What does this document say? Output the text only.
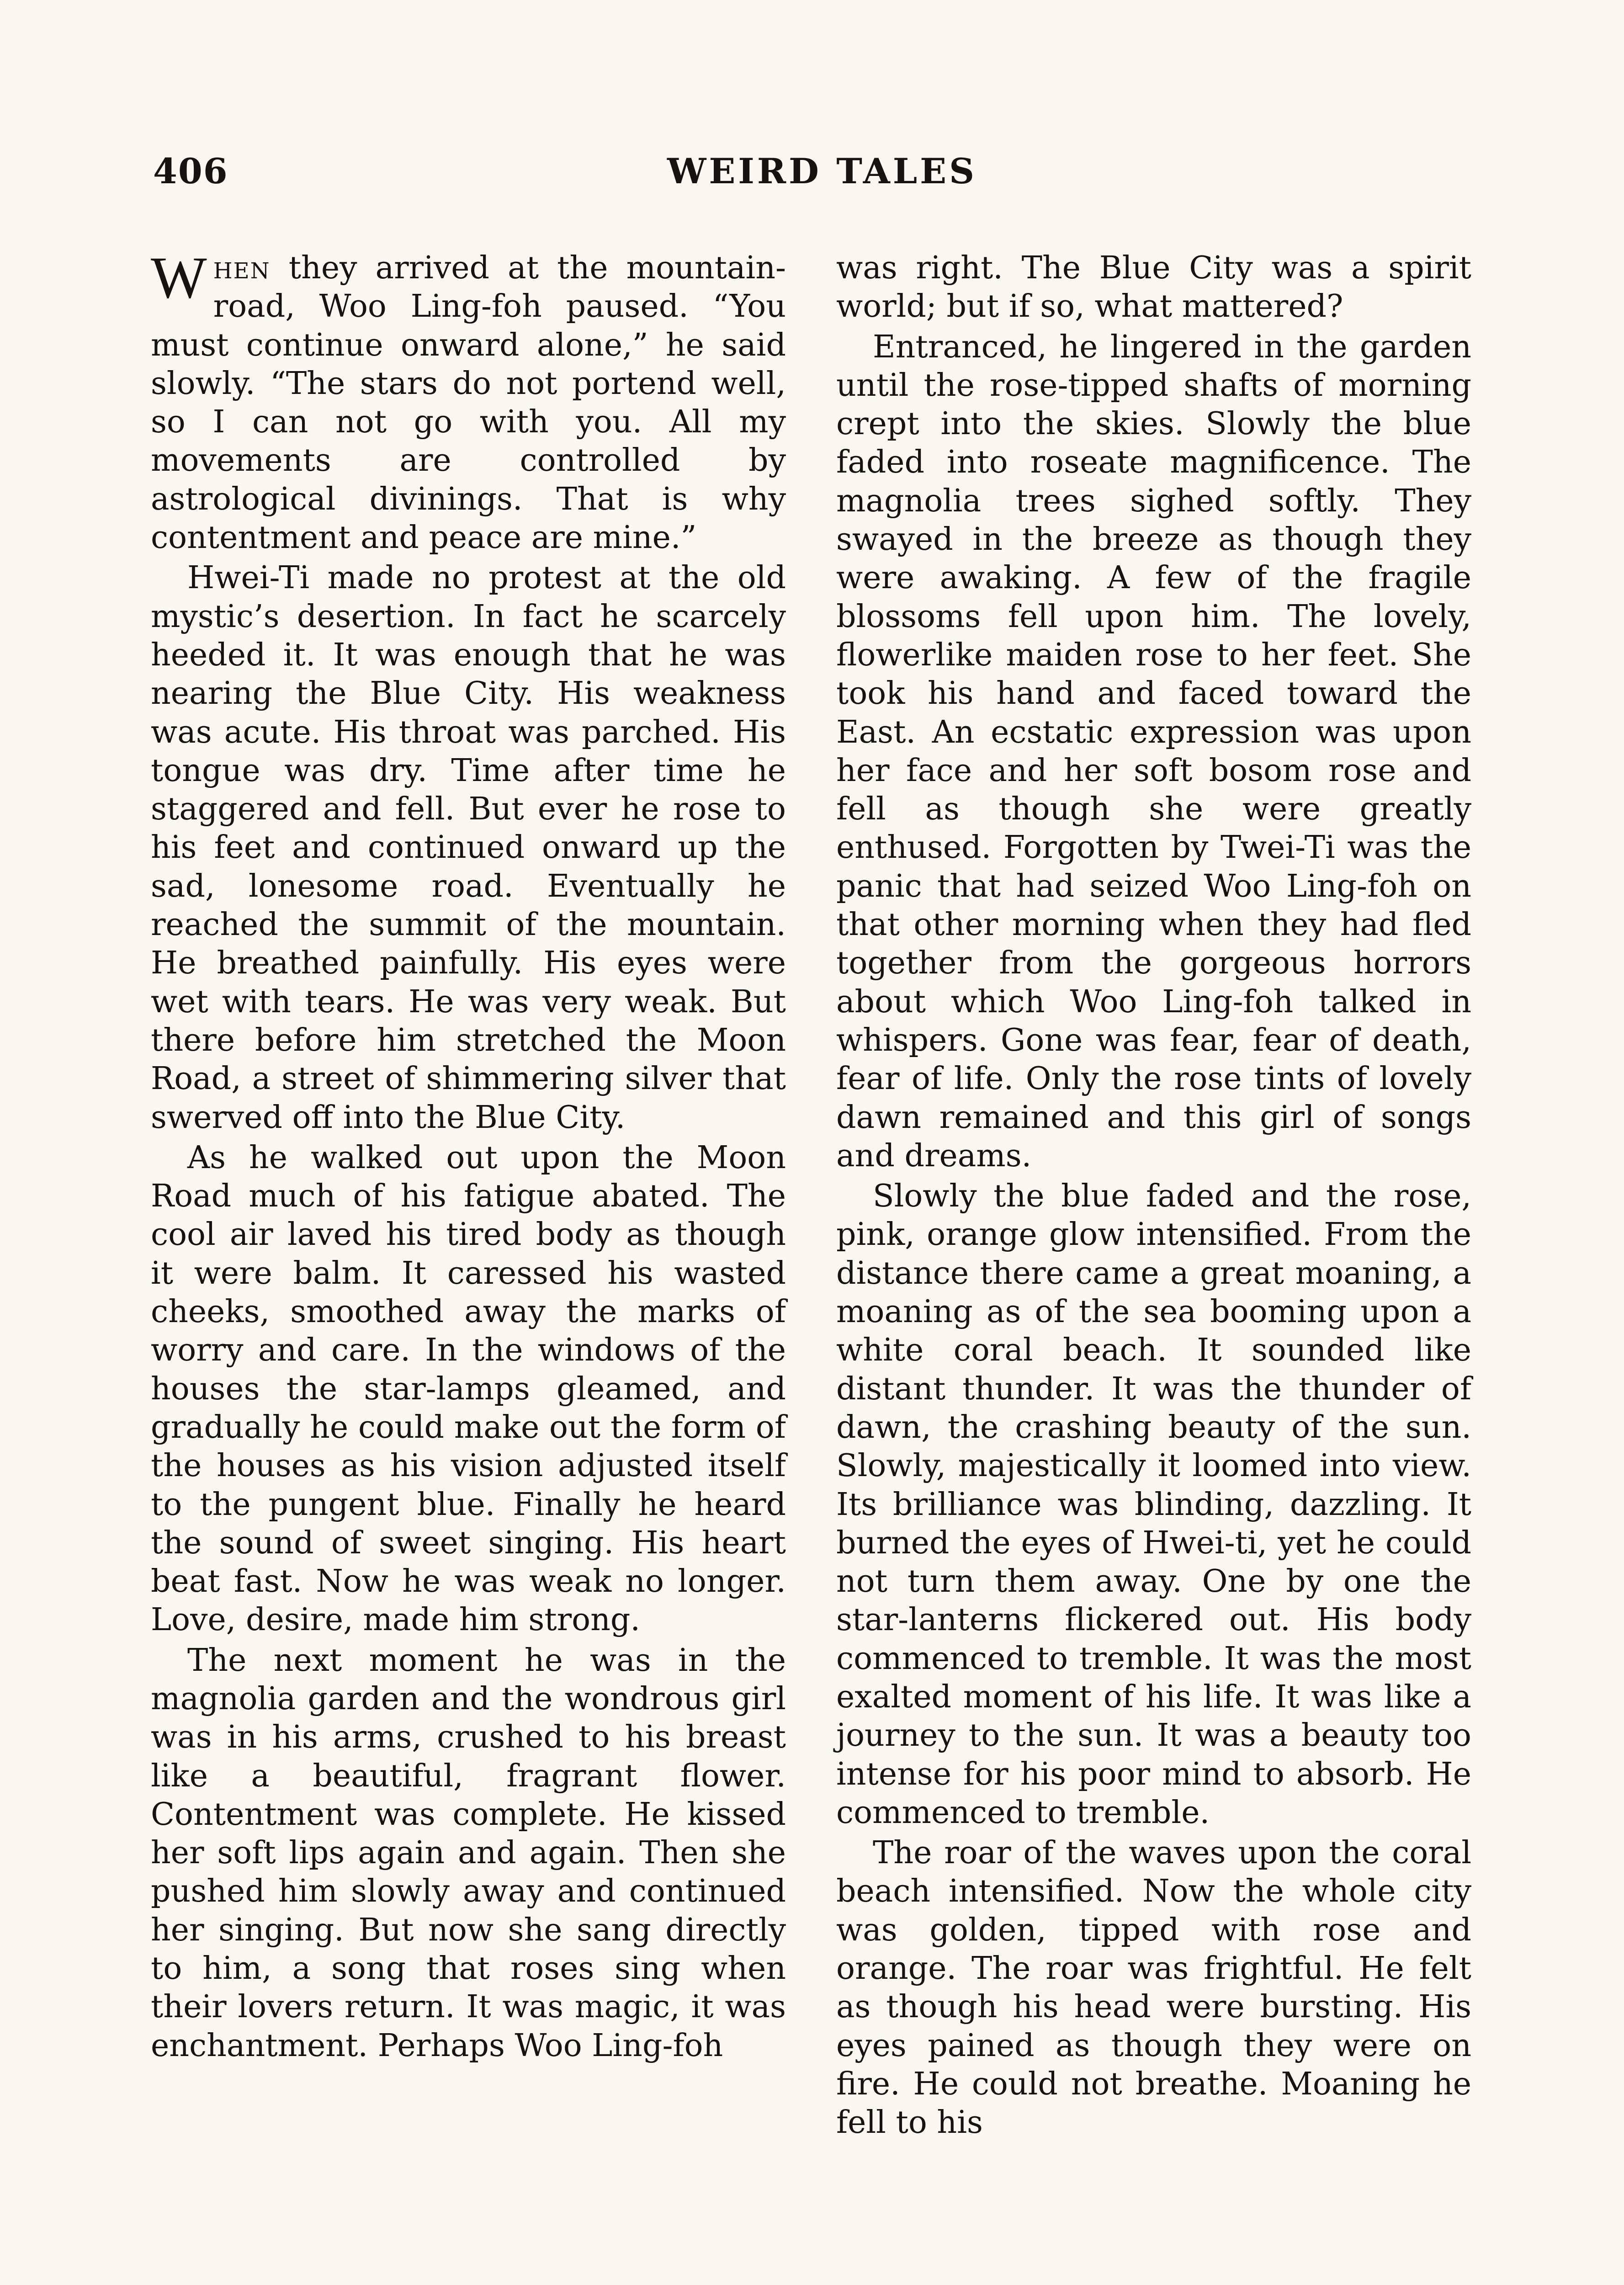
406	WEIRD TALES

When they arrived at the mountain-road, Woo Ling-foh paused. “You must continue onward alone,” he said slowly. “The stars do not portend well, so I can not go with you. All my movements are controlled by astrological divinings. That is why contentment and peace are mine.”

Hwei-Ti made no protest at the old mystic’s desertion. In fact he scarcely heeded it. It was enough that he was nearing the Blue City. His weakness was acute. His throat was parched. His tongue was dry. Time after time he staggered and fell. But ever he rose to his feet and continued onward up the sad, lonesome road. Eventually he reached the summit of the mountain. He breathed painfully. His eyes were wet with tears. He was very weak. But there before him stretched the Moon Road, a street of shimmering silver that swerved off into the Blue City.

As he walked out upon the Moon Road much of his fatigue abated. The cool air laved his tired body as though it were balm. It caressed his wasted cheeks, smoothed away the marks of worry and care. In the windows of the houses the star-lamps gleamed, and gradually he could make out the form of the houses as his vision adjusted itself to the pungent blue. Finally he heard the sound of sweet singing. His heart beat fast. Now he was weak no longer. Love, desire, made him strong.

The next moment he was in the magnolia garden and the wondrous girl was in his arms, crushed to his breast like a beautiful, fragrant flower. Contentment was complete. He kissed her soft lips again and again. Then she pushed him slowly away and continued her singing. But now she sang directly to him, a song that roses sing when their lovers return. It was magic, it was enchantment. Perhaps Woo Ling-foh

was right. The Blue City was a spirit world; but if so, what mattered?

Entranced, he lingered in the garden until the rose-tipped shafts of morning crept into the skies. Slowly the blue faded into roseate magnificence. The magnolia trees sighed softly. They swayed in the breeze as though they were awaking. A few of the fragile blossoms fell upon him. The lovely, flowerlike maiden rose to her feet. She took his hand and faced toward the East. An ecstatic expression was upon her face and her soft bosom rose and fell as though she were greatly enthused. Forgotten by Twei-Ti was the panic that had seized Woo Ling-foh on that other morning when they had fled together from the gorgeous horrors about which Woo Ling-foh talked in whispers. Gone was fear, fear of death, fear of life. Only the rose tints of lovely dawn remained and this girl of songs and dreams.

Slowly the blue faded and the rose, pink, orange glow intensified. From the distance there came a great moaning, a moaning as of the sea booming upon a white coral beach. It sounded like distant thunder. It was the thunder of dawn, the crashing beauty of the sun. Slowly, majestically it loomed into view. Its brilliance was blinding, dazzling. It burned the eyes of Hwei-ti, yet he could not turn them away. One by one the star-lanterns flickered out. His body commenced to tremble. It was the most exalted moment of his life. It was like a journey to the sun. It was a beauty too intense for his poor mind to absorb. He commenced to tremble.

The roar of the waves upon the coral beach intensified. Now the whole city was golden, tipped with rose and orange. The roar was frightful. He felt as though his head were bursting. His eyes pained as though they were on fire. He could not breathe. Moaning he fell to his
